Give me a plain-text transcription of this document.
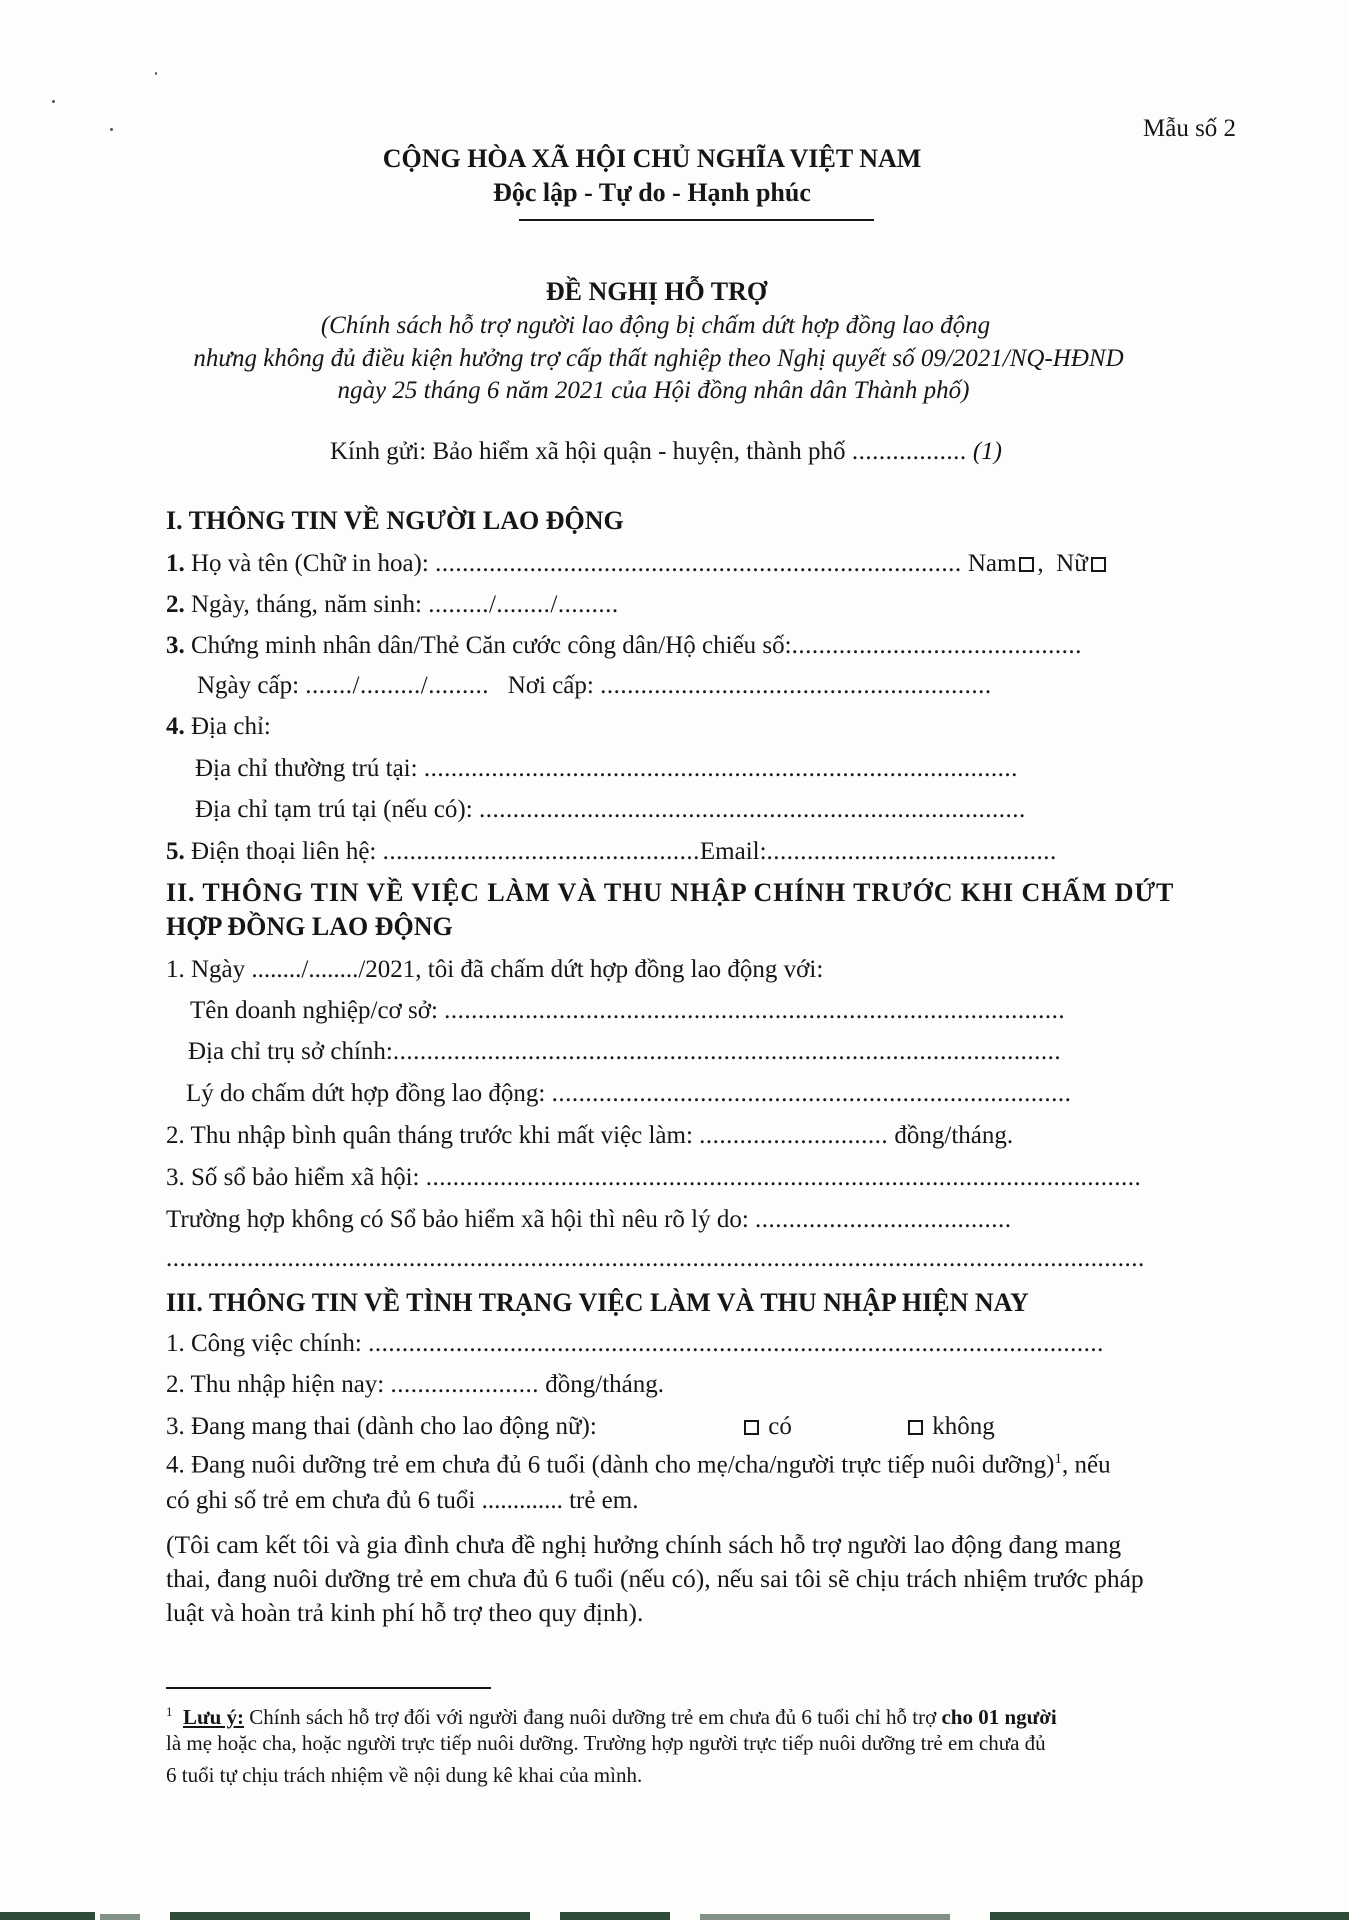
Mẫu số 2
CỘNG HÒA XÃ HỘI CHỦ NGHĨA VIỆT NAM
Độc lập - Tự do - Hạnh phúc
ĐỀ NGHỊ HỖ TRỢ
(Chính sách hỗ trợ người lao động bị chấm dứt hợp đồng lao động
nhưng không đủ điều kiện hưởng trợ cấp thất nghiệp theo Nghị quyết số 09/2021/NQ-HĐND
ngày 25 tháng 6 năm 2021 của Hội đồng nhân dân Thành phố)
Kính gửi: Bảo hiểm xã hội quận - huyện, thành phố ................. (1)
I. THÔNG TIN VỀ NGƯỜI LAO ĐỘNG
1. Họ và tên (Chữ in hoa): .............................................................................. Nam ,  Nữ
2. Ngày, tháng, năm sinh: ........./......../.........
3. Chứng minh nhân dân/Thẻ Căn cước công dân/Hộ chiếu số:...........................................
Ngày cấp: ......./........./......... Nơi cấp: ..........................................................
4. Địa chỉ:
Địa chỉ thường trú tại: ........................................................................................
Địa chỉ tạm trú tại (nếu có): .................................................................................
5. Điện thoại liên hệ: ...............................................Email:...........................................
II. THÔNG TIN VỀ VIỆC LÀM VÀ THU NHẬP CHÍNH TRƯỚC KHI CHẤM DỨT
HỢP ĐỒNG LAO ĐỘNG
1. Ngày ......../......../2021, tôi đã chấm dứt hợp đồng lao động với:
Tên doanh nghiệp/cơ sở: ............................................................................................
Địa chỉ trụ sở chính:...................................................................................................
Lý do chấm dứt hợp đồng lao động: .............................................................................
2. Thu nhập bình quân tháng trước khi mất việc làm: ............................ đồng/tháng.
3. Số sổ bảo hiểm xã hội: ..........................................................................................................
Trường hợp không có Sổ bảo hiểm xã hội thì nêu rõ lý do: ......................................
.................................................................................................................................................
III. THÔNG TIN VỀ TÌNH TRẠNG VIỆC LÀM VÀ THU NHẬP HIỆN NAY
1. Công việc chính: .............................................................................................................
2. Thu nhập hiện nay: ...................... đồng/tháng.
3. Đang mang thai (dành cho lao động nữ):	có	không
4. Đang nuôi dưỡng trẻ em chưa đủ 6 tuổi (dành cho mẹ/cha/người trực tiếp nuôi dưỡng)$^1$, nếu
có ghi số trẻ em chưa đủ 6 tuổi ............. trẻ em.
(Tôi cam kết tôi và gia đình chưa đề nghị hưởng chính sách hỗ trợ người lao động đang mang
thai, đang nuôi dưỡng trẻ em chưa đủ 6 tuổi (nếu có), nếu sai tôi sẽ chịu trách nhiệm trước pháp
luật và hoàn trả kinh phí hỗ trợ theo quy định).
$^1$ Lưu ý: Chính sách hỗ trợ đối với người đang nuôi dưỡng trẻ em chưa đủ 6 tuổi chỉ hỗ trợ cho 01 người
là mẹ hoặc cha, hoặc người trực tiếp nuôi dưỡng. Trường hợp người trực tiếp nuôi dưỡng trẻ em chưa đủ
6 tuổi tự chịu trách nhiệm về nội dung kê khai của mình.
